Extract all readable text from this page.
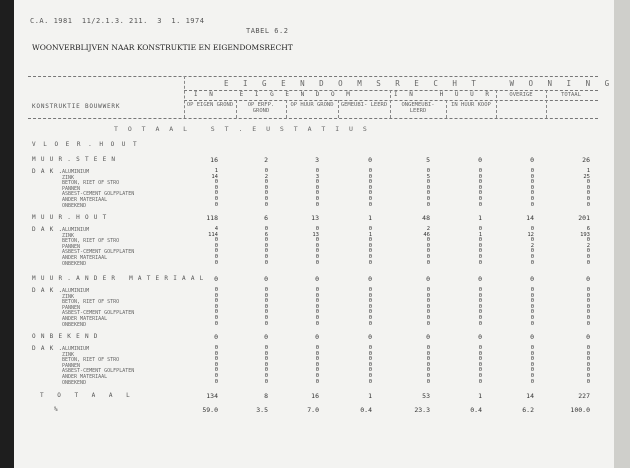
C.A. 1981  11/2.1.3. 211.  3  1. 1974
TABEL 6.2
WOONVERBLIJVEN NAAR KONSTRUKTIE EN EIGENDOMSRECHT
E I G E N D O M S R E C H T   W O N I N G
I N   E I G E N D O M	I N   H U U R
KONSTRUKTIE BOUWWERK	OP EIGEN GROND	OP ERFP. GROND
OP HUUR GROND	GEMEUBI- LEERD	ONGEMEUBI- LEERD
IN HUUR KOOP
OVERIGE	TOTAAL
T O T A A L   S T . E U S T A T I U S
V L O E R . H O U T
M U U R . S T E E N	16	2	3	0	5	0	0	26
D A K . ALUMINIUM	1	0	0	0	0	0	0	1
ZINK	14	2	3	0	5	0	0	25
BETON, RIET OF STRO	0	0	0	0	0	0	0	0
PANNEN	0	0	0	0	0	0	0	0
ASBEST-CEMENT GOLFPLATEN	0	0	0	0	0	0	0	0
ANDER MATERIAAL	0	0	0	0	0	0	0	0
ONBEKEND	0	0	0	0	0	0	0	0
M U U R . H O U T	118	6	13	1	48	1	14	201
D A K . ALUMINIUM	4	0	0	0	2	0	0	6
ZINK	114	6	13	1	46	1	12	193
BETON, RIET OF STRO	0	0	0	0	0	0	0	0
PANNEN	0	0	0	0	0	0	2	2
ASBEST-CEMENT GOLFPLATEN	0	0	0	0	0	0	0	0
ANDER MATERIAAL	0	0	0	0	0	0	0	0
ONBEKEND	0	0	0	0	0	0	0	0
M U U R . A N D E R   M A T E R I A A L	0	0	0	0	0	0	0	0
D A K . ALUMINIUM	0	0	0	0	0	0	0	0
ZINK	0	0	0	0	0	0	0	0
BETON, RIET OF STRO	0	0	0	0	0	0	0	0
PANNEN	0	0	0	0	0	0	0	0
ASBEST-CEMENT GOLFPLATEN	0	0	0	0	0	0	0	0
ANDER MATERIAAL	0	0	0	0	0	0	0	0
ONBEKEND	0	0	0	0	0	0	0	0
O N B E K E N D	0	0	0	0	0	0	0	0
D A K . ALUMINIUM	0	0	0	0	0	0	0	0
ZINK	0	0	0	0	0	0	0	0
BETON, RIET OF STRO	0	0	0	0	0	0	0	0
PANNEN	0	0	0	0	0	0	0	0
ASBEST-CEMENT GOLFPLATEN	0	0	0	0	0	0	0	0
ANDER MATERIAAL	0	0	0	0	0	0	0	0
ONBEKEND	0	0	0	0	0	0	0	0
T O T A A L	134	8	16	1	53	1	14	227
%	59.0	3.5	7.0	0.4	23.3	0.4	6.2	100.0
